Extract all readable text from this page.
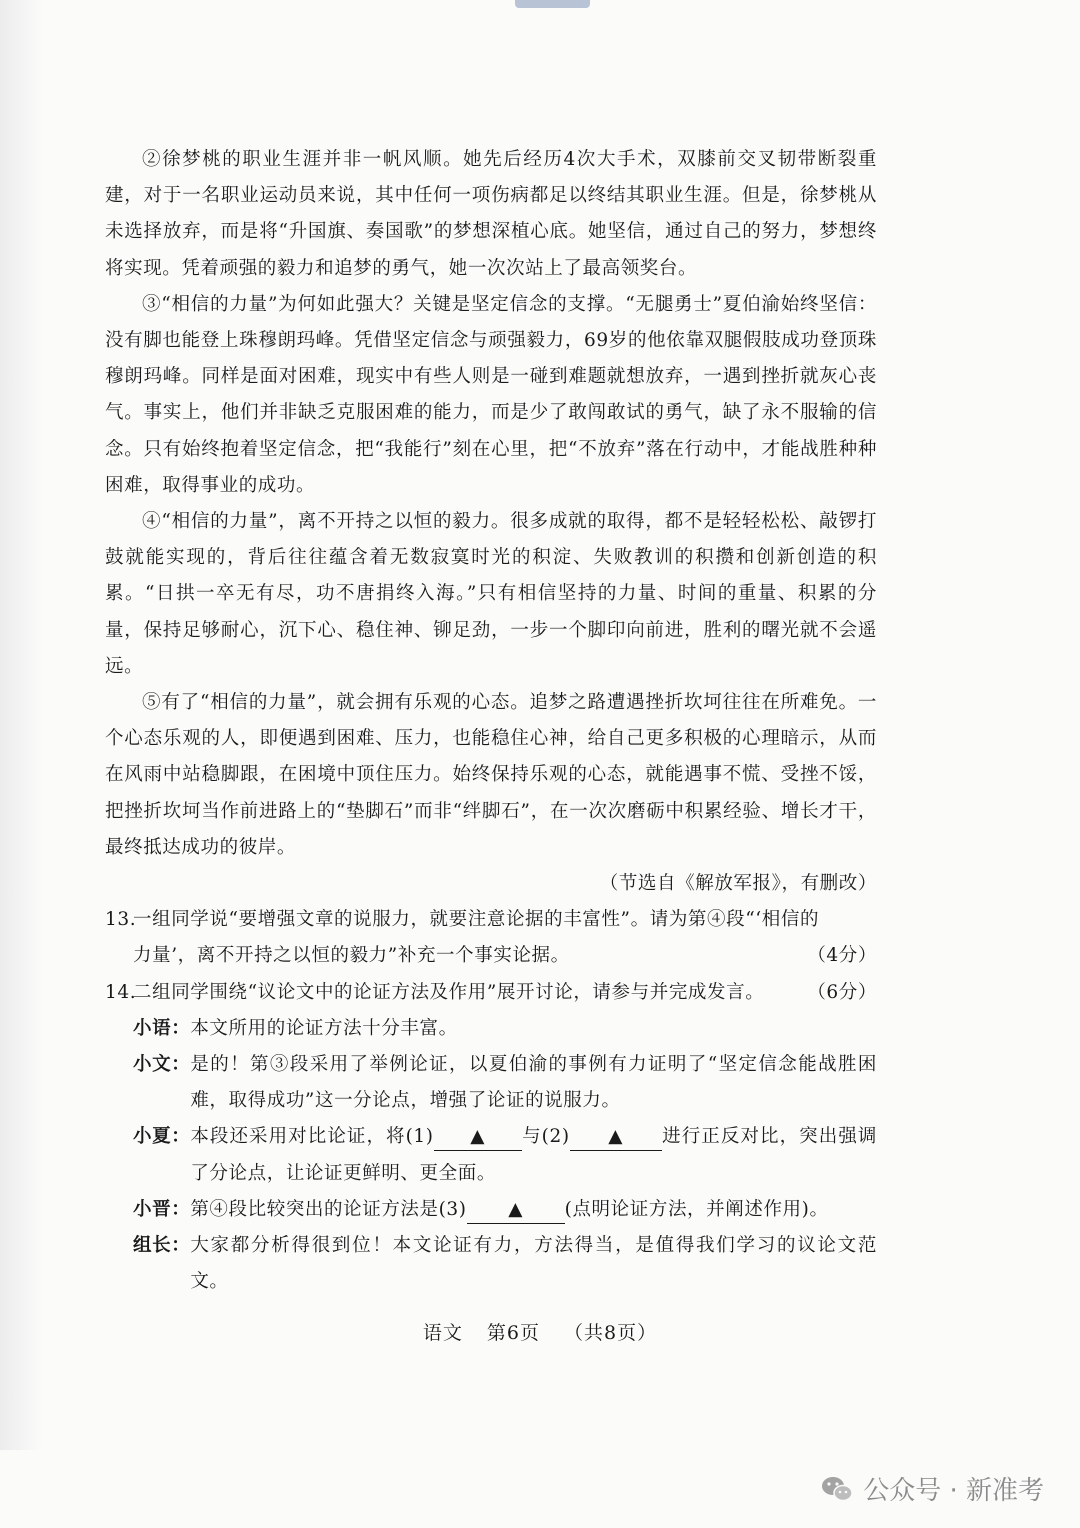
②徐梦桃的职业生涯并非一帆风顺。她先后经历4次大手术，双膝前交叉韧带断裂重建，对于一名职业运动员来说，其中任何一项伤病都足以终结其职业生涯。但是，徐梦桃从未选择放弃，而是将“升国旗、奏国歌”的梦想深植心底。她坚信，通过自己的努力，梦想终将实现。凭着顽强的毅力和追梦的勇气，她一次次站上了最高领奖台。

③“相信的力量”为何如此强大？关键是坚定信念的支撑。“无腿勇士”夏伯渝始终坚信：没有脚也能登上珠穆朗玛峰。凭借坚定信念与顽强毅力，69岁的他依靠双腿假肢成功登顶珠穆朗玛峰。同样是面对困难，现实中有些人则是一碰到难题就想放弃，一遇到挫折就灰心丧气。事实上，他们并非缺乏克服困难的能力，而是少了敢闯敢试的勇气，缺了永不服输的信念。只有始终抱着坚定信念，把“我能行”刻在心里，把“不放弃”落在行动中，才能战胜种种困难，取得事业的成功。

④“相信的力量”，离不开持之以恒的毅力。很多成就的取得，都不是轻轻松松、敲锣打鼓就能实现的，背后往往蕴含着无数寂寞时光的积淀、失败教训的积攒和创新创造的积累。“日拱一卒无有尽，功不唐捐终入海。”只有相信坚持的力量、时间的重量、积累的分量，保持足够耐心，沉下心、稳住神、铆足劲，一步一个脚印向前进，胜利的曙光就不会遥远。

⑤有了“相信的力量”，就会拥有乐观的心态。追梦之路遭遇挫折坎坷往往在所难免。一个心态乐观的人，即便遇到困难、压力，也能稳住心神，给自己更多积极的心理暗示，从而在风雨中站稳脚跟，在困境中顶住压力。始终保持乐观的心态，就能遇事不慌、受挫不馁，把挫折坎坷当作前进路上的“垫脚石”而非“绊脚石”，在一次次磨砺中积累经验、增长才干，最终抵达成功的彼岸。

（节选自《解放军报》，有删改）

13.
一组同学说“要增强文章的说服力，就要注意论据的丰富性”。请为第④段“‘相信的
力量’，离不开持之以恒的毅力”补充一个事实论据。	（4分）
14.
二组同学围绕“议论文中的论证方法及作用”展开讨论，请参与并完成发言。 （6分）
小语： 本文所用的论证方法十分丰富。
小文： 是的！第③段采用了举例论证，以夏伯渝的事例有力证明了“坚定信念能战胜困难，取得成功”这一分论点，增强了论证的说服力。
小夏： 本段还采用对比论证，将(1) ▲ 与(2) ▲ 进行正反对比，突出强调了分论点，让论证更鲜明、更全面。
小晋： 第④段比较突出的论证方法是(3) ▲ (点明论证方法，并阐述作用)。
组长： 大家都分析得很到位！本文论证有力，方法得当，是值得我们学习的议论文范文。
语文 第6页 （共8页）
公众号 · 新准考
